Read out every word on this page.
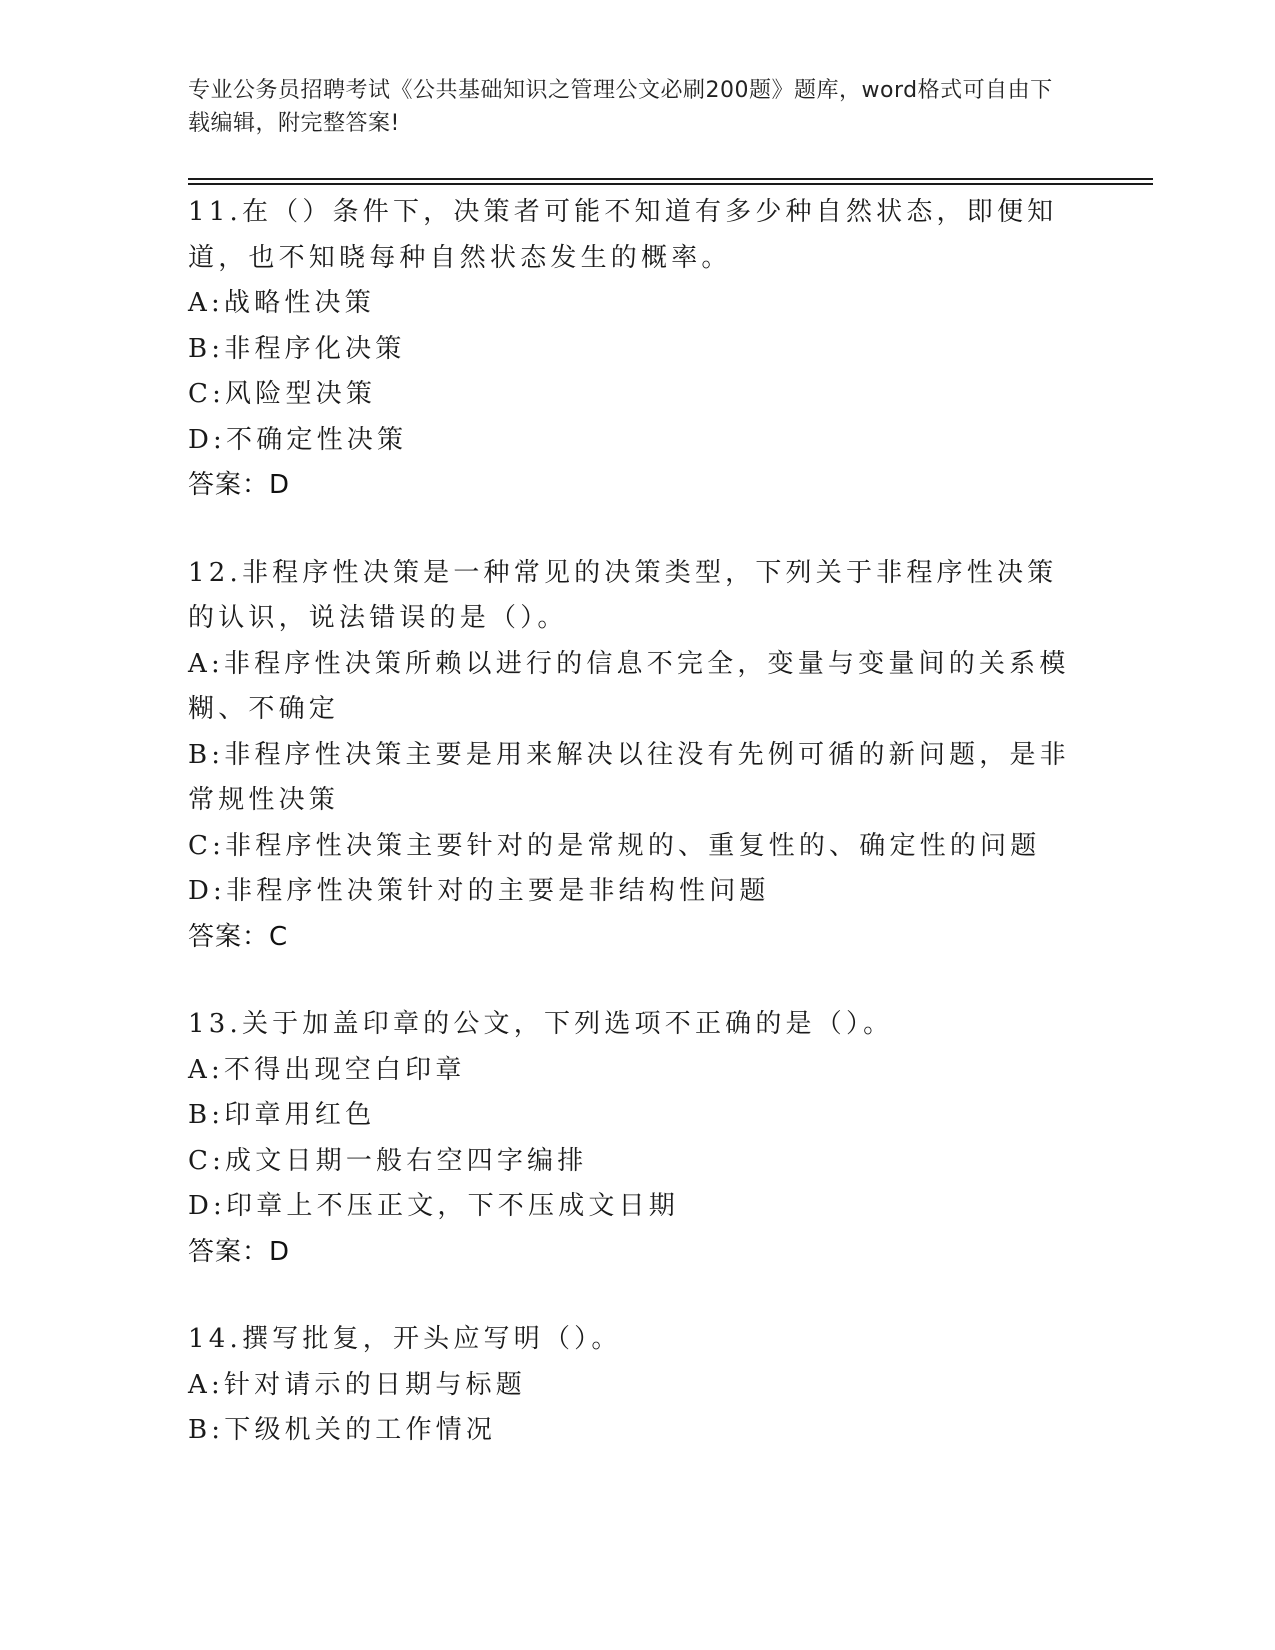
专业公务员招聘考试《公共基础知识之管理公文必刷200题》题库，word格式可自由下载编辑，附完整答案!
11.在（）条件下，决策者可能不知道有多少种自然状态，即便知道，也不知晓每种自然状态发生的概率。
A:战略性决策
B:非程序化决策
C:风险型决策
D:不确定性决策
答案：D
12.非程序性决策是一种常见的决策类型，下列关于非程序性决策的认识，说法错误的是（）。
A:非程序性决策所赖以进行的信息不完全，变量与变量间的关系模糊、不确定
B:非程序性决策主要是用来解决以往没有先例可循的新问题，是非常规性决策
C:非程序性决策主要针对的是常规的、重复性的、确定性的问题
D:非程序性决策针对的主要是非结构性问题
答案：C
13.关于加盖印章的公文，下列选项不正确的是（）。
A:不得出现空白印章
B:印章用红色
C:成文日期一般右空四字编排
D:印章上不压正文，下不压成文日期
答案：D
14.撰写批复，开头应写明（）。
A:针对请示的日期与标题
B:下级机关的工作情况
